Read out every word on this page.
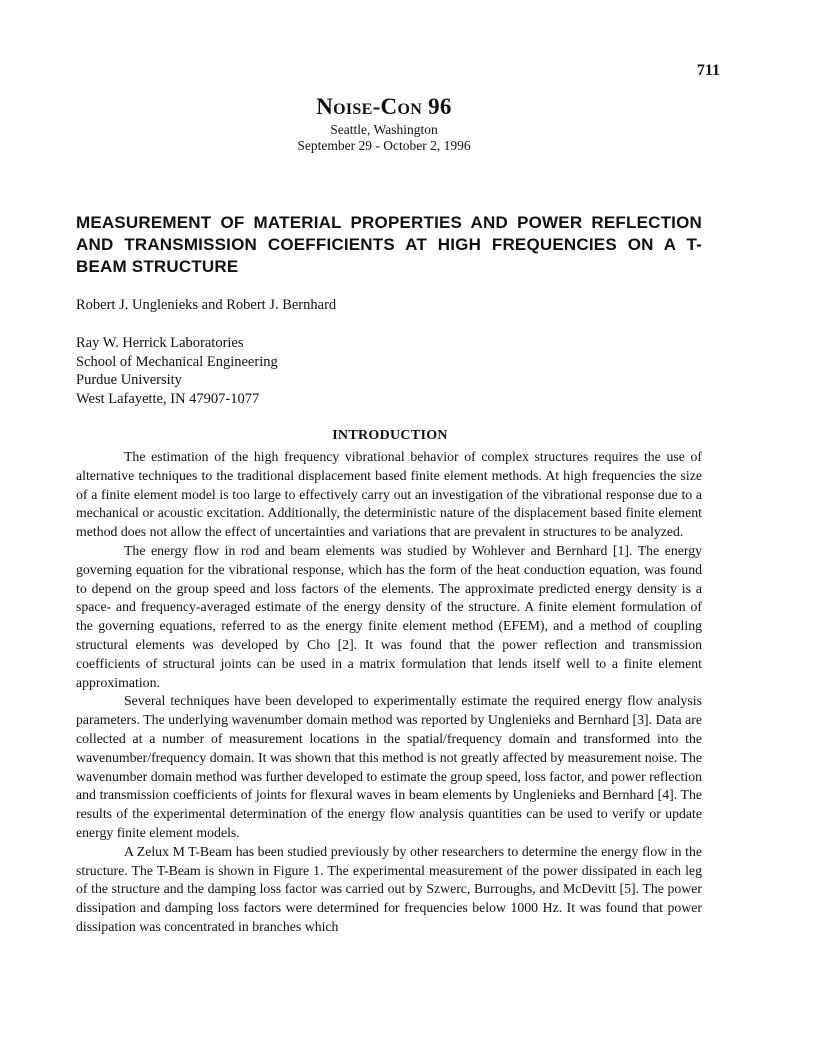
711
Noise-Con 96
Seattle, Washington
September 29 - October 2, 1996
MEASUREMENT OF MATERIAL PROPERTIES AND POWER REFLECTION AND TRANSMISSION COEFFICIENTS AT HIGH FREQUENCIES ON A T-BEAM STRUCTURE
Robert J. Unglenieks and Robert J. Bernhard
Ray W. Herrick Laboratories
School of Mechanical Engineering
Purdue University
West Lafayette, IN 47907-1077
INTRODUCTION

The estimation of the high frequency vibrational behavior of complex structures requires the use of alternative techniques to the traditional displacement based finite element methods. At high frequencies the size of a finite element model is too large to effectively carry out an investigation of the vibrational response due to a mechanical or acoustic excitation. Additionally, the deterministic nature of the displacement based finite element method does not allow the effect of uncertainties and variations that are prevalent in structures to be analyzed.

The energy flow in rod and beam elements was studied by Wohlever and Bernhard [1]. The energy governing equation for the vibrational response, which has the form of the heat conduction equation, was found to depend on the group speed and loss factors of the elements. The approximate predicted energy density is a space- and frequency-averaged estimate of the energy density of the structure. A finite element formulation of the governing equations, referred to as the energy finite element method (EFEM), and a method of coupling structural elements was developed by Cho [2]. It was found that the power reflection and transmission coefficients of structural joints can be used in a matrix formulation that lends itself well to a finite element approximation.

Several techniques have been developed to experimentally estimate the required energy flow analysis parameters. The underlying wavenumber domain method was reported by Unglenieks and Bernhard [3]. Data are collected at a number of measurement locations in the spatial/frequency domain and transformed into the wavenumber/frequency domain. It was shown that this method is not greatly affected by measurement noise. The wavenumber domain method was further developed to estimate the group speed, loss factor, and power reflection and transmission coefficients of joints for flexural waves in beam elements by Unglenieks and Bernhard [4]. The results of the experimental determination of the energy flow analysis quantities can be used to verify or update energy finite element models.

A Zelux M T-Beam has been studied previously by other researchers to determine the energy flow in the structure. The T-Beam is shown in Figure 1. The experimental measurement of the power dissipated in each leg of the structure and the damping loss factor was carried out by Szwerc, Burroughs, and McDevitt [5]. The power dissipation and damping loss factors were determined for frequencies below 1000 Hz. It was found that power dissipation was concentrated in branches which
